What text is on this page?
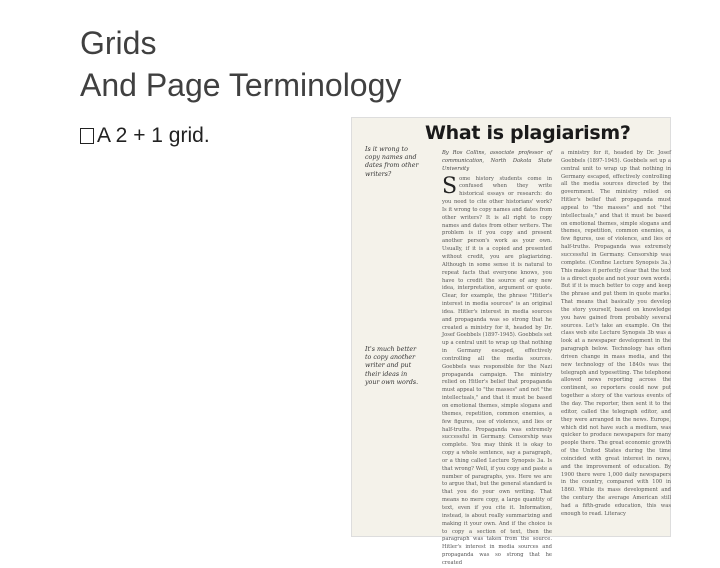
Grids
And Page Terminology
A 2 + 1 grid.	What is plagiarism?
Is it wrong to copy names and dates from other writers?
It's much better to copy another writer and put their ideas in your own words.
By Ros Collins, associate professor of communication, North Dakota State University
S ome history students come in confused when they write historical essays or research: do you need to cite other historians' work? Is it wrong to copy names and dates from other writers? It is all right to copy names and dates from other writers. The problem is if you copy and present another person's work as your own. Usually, if it is a copied and presented without credit, you are plagiarizing. Although in some sense it is natural to repeat facts that everyone knows, you have to credit the source of any new idea, interpretation, argument or quote. Clear, for example, the phrase "Hitler's interest in media sources" is an original idea. Hitler's interest in media sources and propaganda was so strong that he created a ministry for it, headed by Dr. Josef Goebbels (1897-1945). Goebbels set up a central unit to wrap up that nothing in Germany escaped, effectively controlling all the media sources. Goebbels was responsible for the Nazi propaganda campaign. The ministry relied on Hitler's belief that propaganda must appeal to "the masses" and not "the intellectuals," and that it must be based on emotional themes, simple slogans and themes, repetition, common enemies, a few figures, use of violence, and lies or half-truths. Propaganda was extremely successful in Germany. Censorship was complete. You may think it is okay to copy a whole sentence, say a paragraph, or a thing called Lecture Synopsis 3a. Is that wrong? Well, if you copy and paste a number of paragraphs, yes. Here we are to argue that, but the general standard is that you do your own writing. That means no mere copy, a large quantity of text, even if you cite it. Information, instead, is about really summarizing and making it your own. And if the choice is to copy a section of text, then the paragraph was taken from the source. Hitler's interest in media sources and propaganda was so strong that he created
a ministry for it, headed by Dr. Josef Goebbels (1897-1945). Goebbels set up a central unit to wrap up that nothing in Germany escaped, effectively controlling all the media sources directed by the government. The ministry relied on Hitler's belief that propaganda must appeal to "the masses" and not "the intellectuals," and that it must be based on emotional themes, simple slogans and themes, repetition, common enemies, a few figures, use of violence, and lies or half-truths. Propaganda was extremely successful in Germany. Censorship was complete. (Confine Lecture Synopsis 3a.) This makes it perfectly clear that the text is a direct quote and not your own words. But if it is much better to copy and keep the phrase and put them in quote marks. That means that basically you develop the story yourself, based on knowledge you have gained from probably several sources. Let's take an example. On the class web site Lecture Synopsis 3b was a look at a newspaper development in the paragraph below. Technology has often driven change in mass media, and the new technology of the 1840s was the telegraph and typesetting. The telephone allowed news reporting across the continent, so reporters could now put together a story of the various events of the day. The reporter, then sent it to the editor, called the telegraph editor, and they were arranged in the news. Europe, which did not have such a medium, was quicker to produce newspapers for many people there. The great economic growth of the United States during the time coincided with great interest in news, and the improvement of education. By 1900 there were 1,000 daily newspapers in the country, compared with 100 in 1860. While its mass development and the century the average American still had a fifth-grade education, this was enough to read. Literacy
